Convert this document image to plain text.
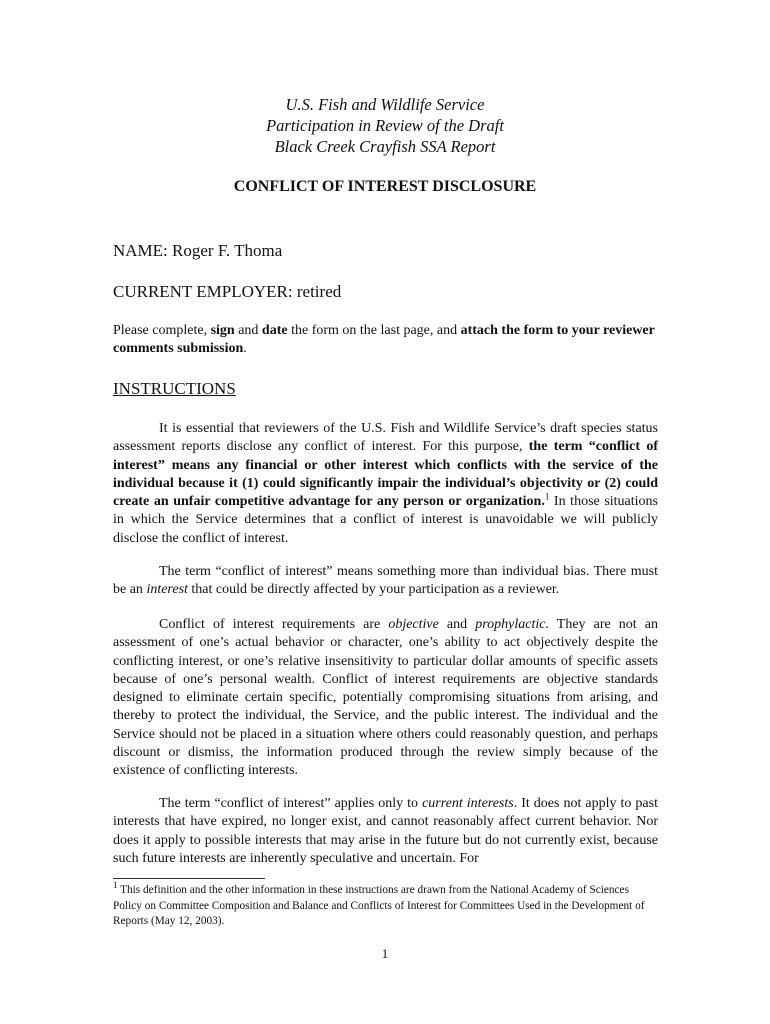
U.S. Fish and Wildlife Service
Participation in Review of the Draft
Black Creek Crayfish SSA Report
CONFLICT OF INTEREST DISCLOSURE
NAME: Roger F. Thoma
CURRENT EMPLOYER: retired
Please complete, sign and date the form on the last page, and attach the form to your reviewer comments submission.
INSTRUCTIONS

It is essential that reviewers of the U.S. Fish and Wildlife Service’s draft species status assessment reports disclose any conflict of interest. For this purpose, the term “conflict of interest” means any financial or other interest which conflicts with the service of the individual because it (1) could significantly impair the individual’s objectivity or (2) could create an unfair competitive advantage for any person or organization.$^1$ In those situations in which the Service determines that a conflict of interest is unavoidable we will publicly disclose the conflict of interest.

The term “conflict of interest” means something more than individual bias. There must be an interest that could be directly affected by your participation as a reviewer.

Conflict of interest requirements are objective and prophylactic. They are not an assessment of one’s actual behavior or character, one’s ability to act objectively despite the conflicting interest, or one’s relative insensitivity to particular dollar amounts of specific assets because of one’s personal wealth. Conflict of interest requirements are objective standards designed to eliminate certain specific, potentially compromising situations from arising, and thereby to protect the individual, the Service, and the public interest. The individual and the Service should not be placed in a situation where others could reasonably question, and perhaps discount or dismiss, the information produced through the review simply because of the existence of conflicting interests.

The term “conflict of interest” applies only to current interests. It does not apply to past interests that have expired, no longer exist, and cannot reasonably affect current behavior. Nor does it apply to possible interests that may arise in the future but do not currently exist, because such future interests are inherently speculative and uncertain. For

$^1$ This definition and the other information in these instructions are drawn from the National Academy of Sciences Policy on Committee Composition and Balance and Conflicts of Interest for Committees Used in the Development of Reports (May 12, 2003).
1
